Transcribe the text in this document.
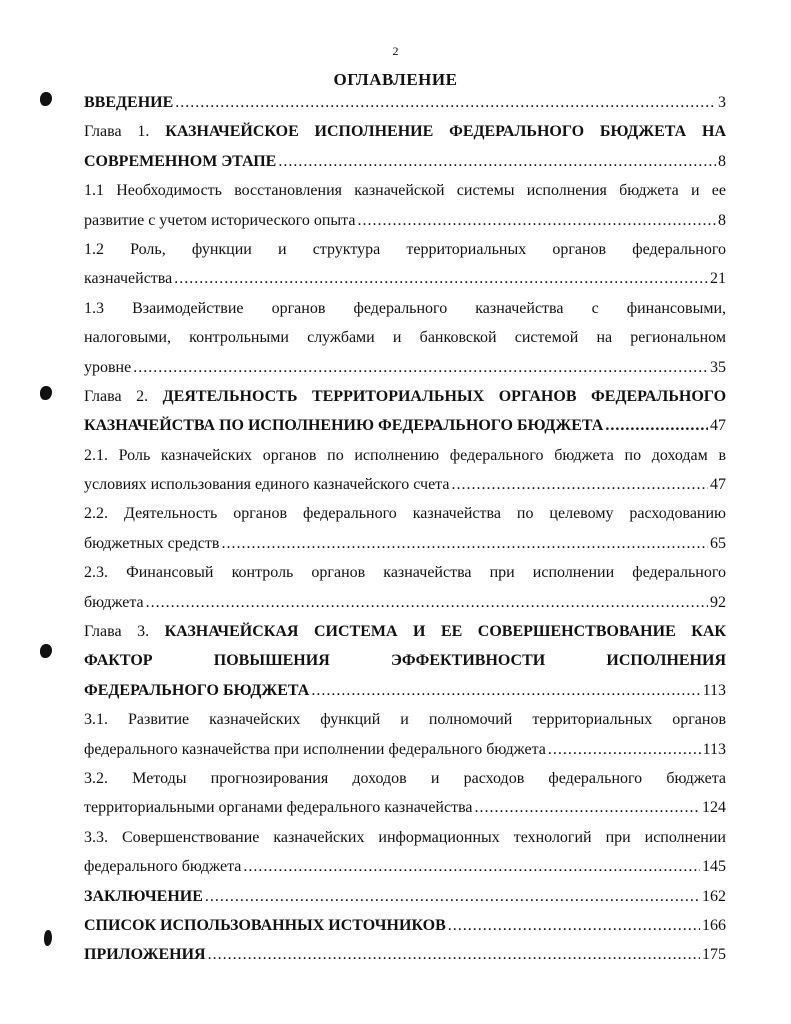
2
ОГЛАВЛЕНИЕ
ВВЕДЕНИЕ .....	3
Глава 1. КАЗНАЧЕЙСКОЕ ИСПОЛНЕНИЕ ФЕДЕРАЛЬНОГО БЮДЖЕТА НА
СОВРЕМЕННОМ ЭТАПЕ .....	8
1.1 Необходимость восстановления казначейской системы исполнения бюджета и ее
развитие с учетом исторического опыта .....	8
1.2 Роль, функции и структура территориальных органов федерального
казначейства .....	21
1.3 Взаимодействие органов федерального казначейства с финансовыми,
налоговыми, контрольными службами и банковской системой на региональном
уровне .....	35
Глава 2. ДЕЯТЕЛЬНОСТЬ ТЕРРИТОРИАЛЬНЫХ ОРГАНОВ ФЕДЕРАЛЬНОГО
КАЗНАЧЕЙСТВА ПО ИСПОЛНЕНИЮ ФЕДЕРАЛЬНОГО БЮДЖЕТА .....	47
2.1. Роль казначейских органов по исполнению федерального бюджета по доходам в
условиях использования единого казначейского счета .....	47
2.2. Деятельность органов федерального казначейства по целевому расходованию
бюджетных средств .....	65
2.3. Финансовый контроль органов казначейства при исполнении федерального
бюджета .....	92
Глава 3. КАЗНАЧЕЙСКАЯ СИСТЕМА И ЕЕ СОВЕРШЕНСТВОВАНИЕ КАК
ФАКТОР ПОВЫШЕНИЯ ЭФФЕКТИВНОСТИ ИСПОЛНЕНИЯ
ФЕДЕРАЛЬНОГО БЮДЖЕТА .....	113
3.1. Развитие казначейских функций и полномочий территориальных органов
федерального казначейства при исполнении федерального бюджета .....	113
3.2. Методы прогнозирования доходов и расходов федерального бюджета
территориальными органами федерального казначейства .....	124
3.3. Совершенствование казначейских информационных технологий при исполнении
федерального бюджета .....	145
ЗАКЛЮЧЕНИЕ .....	162
СПИСОК ИСПОЛЬЗОВАННЫХ ИСТОЧНИКОВ .....	166
ПРИЛОЖЕНИЯ .....	175
